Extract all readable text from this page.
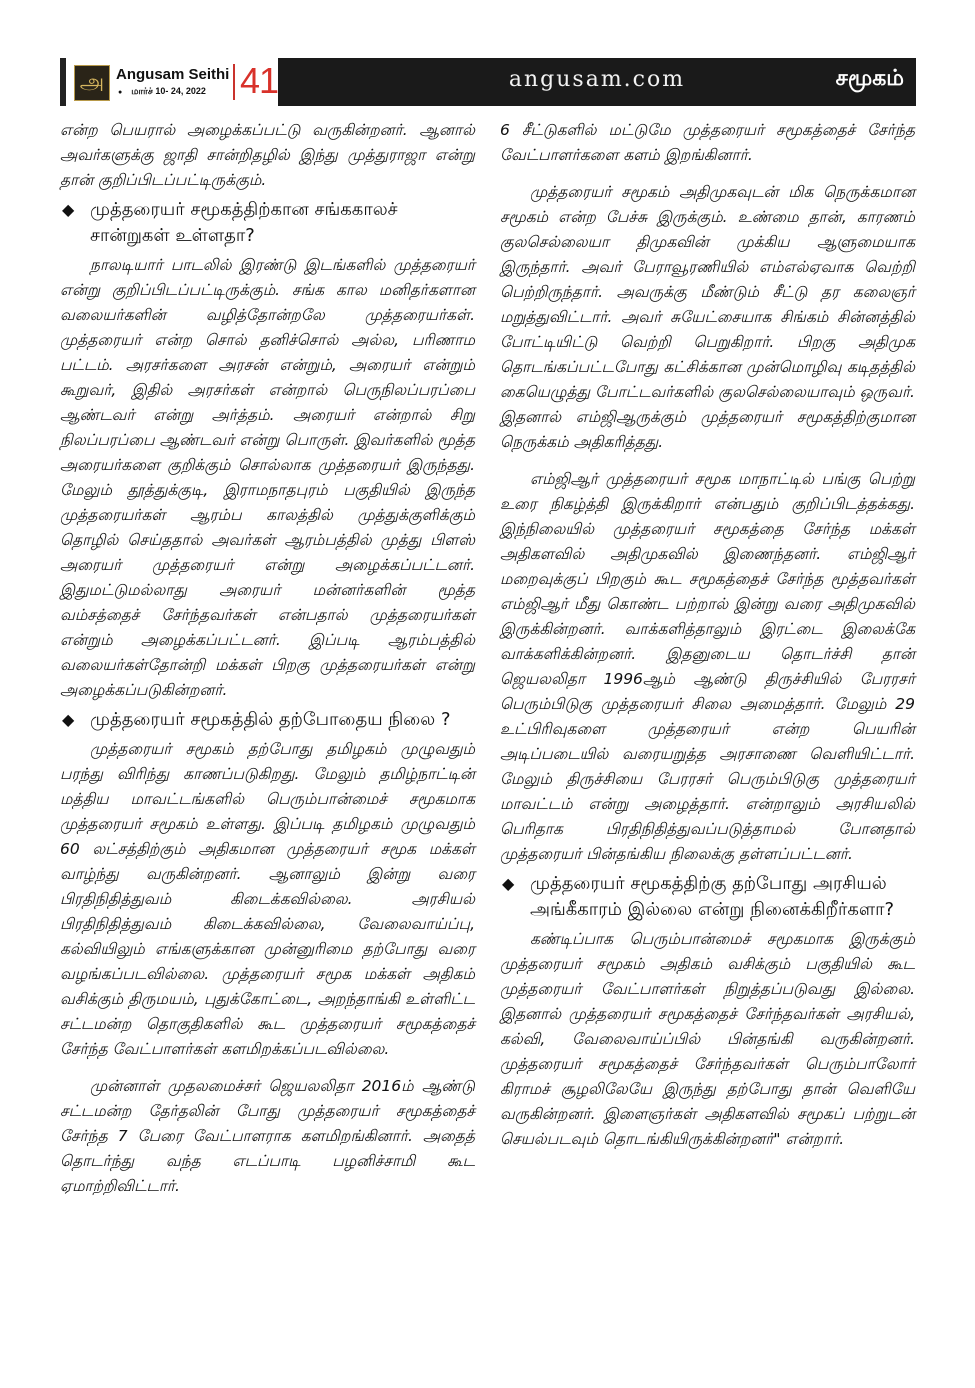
அ Angusam Seithi
● மார்ச் 10- 24, 2022 41	angusam.com	சமூகம்

என்ற பெயரால் அழைக்கப்பட்டு வருகின்றனர். ஆனால் அவர்களுக்கு ஜாதி சான்றிதழில் இந்து முத்துராஜா என்று தான் குறிப்பிடப்பட்டிருக்கும்.

◆ முத்தரையர் சமூகத்திற்கான சங்ககாலச் சான்றுகள் உள்ளதா?

நாலடியார் பாடலில் இரண்டு இடங்களில் முத்தரையர் என்று குறிப்பிடப்பட்டிருக்கும். சங்க கால மனிதர்களான வலையர்களின் வழித்தோன்றலே முத்தரையர்கள். முத்தரையர் என்ற சொல் தனிச்சொல் அல்ல, பரிணாம பட்டம். அரசர்களை அரசன் என்றும், அரையர் என்றும் கூறுவர், இதில் அரசர்கள் என்றால் பெருநிலப்பரப்பை ஆண்டவர் என்று அர்த்தம். அரையர் என்றால் சிறு நிலப்பரப்பை ஆண்டவர் என்று பொருள். இவர்களில் மூத்த அரையர்களை குறிக்கும் சொல்லாக முத்தரையர் இருந்தது. மேலும் தூத்துக்குடி, இராமநாதபுரம் பகுதியில் இருந்த முத்தரையர்கள் ஆரம்ப காலத்தில் முத்துக்குளிக்கும் தொழில் செய்ததால் அவர்கள் ஆரம்பத்தில் முத்து பிளஸ் அரையர் முத்தரையர் என்று அழைக்கப்பட்டனர். இதுமட்டுமல்லாது அரையர் மன்னர்களின் மூத்த வம்சத்தைச் சேர்ந்தவர்கள் என்பதால் முத்தரையர்கள் என்றும் அழைக்கப்பட்டனர். இப்படி ஆரம்பத்தில் வலையர்கள்தோன்றி மக்கள் பிறகு முத்தரையர்கள் என்று அழைக்கப்படுகின்றனர்.

◆ முத்தரையர் சமூகத்தில் தற்போதைய நிலை ?

முத்தரையர் சமூகம் தற்போது தமிழகம் முழுவதும் பரந்து விரிந்து காணப்படுகிறது. மேலும் தமிழ்நாட்டின் மத்திய மாவட்டங்களில் பெரும்பான்மைச் சமூகமாக முத்தரையர் சமூகம் உள்ளது. இப்படி தமிழகம் முழுவதும் 60 லட்சத்திற்கும் அதிகமான முத்தரையர் சமூக மக்கள் வாழ்ந்து வருகின்றனர். ஆனாலும் இன்று வரை பிரதிநிதித்துவம் கிடைக்கவில்லை. அரசியல் பிரதிநிதித்துவம் கிடைக்கவில்லை, வேலைவாய்ப்பு, கல்வியிலும் எங்களுக்கான முன்னுரிமை தற்போது வரை வழங்கப்படவில்லை. முத்தரையர் சமூக மக்கள் அதிகம் வசிக்கும் திருமயம், புதுக்கோட்டை, அறந்தாங்கி உள்ளிட்ட சட்டமன்ற தொகுதிகளில் கூட முத்தரையர் சமூகத்தைச் சேர்ந்த வேட்பாளர்கள் களமிறக்கப்படவில்லை.

முன்னாள் முதலமைச்சர் ஜெயலலிதா 2016ம் ஆண்டு சட்டமன்ற தேர்தலின் போது முத்தரையர் சமூகத்தைச் சேர்ந்த 7 பேரை வேட்பாளராக களமிறங்கினார். அதைத் தொடர்ந்து வந்த எடப்பாடி பழனிச்சாமி கூட ஏமாற்றிவிட்டார்.

6 சீட்டுகளில் மட்டுமே முத்தரையர் சமூகத்தைச் சேர்ந்த வேட்பாளர்களை களம் இறங்கினார்.

முத்தரையர் சமூகம் அதிமுகவுடன் மிக நெருக்கமான சமூகம் என்ற பேச்சு இருக்கும். உண்மை தான், காரணம் குலசெல்லையா திமுகவின் முக்கிய ஆளுமையாக இருந்தார். அவர் பேராவூரணியில் எம்எல்ஏவாக வெற்றி பெற்றிருந்தார். அவருக்கு மீண்டும் சீட்டு தர கலைஞர் மறுத்துவிட்டார். அவர் சுயேட்சையாக சிங்கம் சின்னத்தில் போட்டியிட்டு வெற்றி பெறுகிறார். பிறகு அதிமுக தொடங்கப்பட்டபோது கட்சிக்கான முன்மொழிவு கடிதத்தில் கையெழுத்து போட்டவர்களில் குலசெல்லையாவும் ஒருவர். இதனால் எம்ஜிஆருக்கும் முத்தரையர் சமூகத்திற்குமான நெருக்கம் அதிகரித்தது.

எம்ஜிஆர் முத்தரையர் சமூக மாநாட்டில் பங்கு பெற்று உரை நிகழ்த்தி இருக்கிறார் என்பதும் குறிப்பிடத்தக்கது. இந்நிலையில் முத்தரையர் சமூகத்தை சேர்ந்த மக்கள் அதிகளவில் அதிமுகவில் இணைந்தனர். எம்ஜிஆர் மறைவுக்குப் பிறகும் கூட சமூகத்தைச் சேர்ந்த மூத்தவர்கள் எம்ஜிஆர் மீது கொண்ட பற்றால் இன்று வரை அதிமுகவில் இருக்கின்றனர். வாக்களித்தாலும் இரட்டை இலைக்கே வாக்களிக்கின்றனர். இதனுடைய தொடர்ச்சி தான் ஜெயலலிதா 1996ஆம் ஆண்டு திருச்சியில் பேரரசர் பெரும்பிடுகு முத்தரையர் சிலை அமைத்தார். மேலும் 29 உட்பிரிவுகளை முத்தரையர் என்ற பெயரின் அடிப்படையில் வரையறுத்த அரசாணை வெளியிட்டார். மேலும் திருச்சியை பேரரசர் பெரும்பிடுகு முத்தரையர் மாவட்டம் என்று அழைத்தார். என்றாலும் அரசியலில் பெரிதாக பிரதிநிதித்துவப்படுத்தாமல் போனதால் முத்தரையர் பின்தங்கிய நிலைக்கு தள்ளப்பட்டனர்.

◆ முத்தரையர் சமூகத்திற்கு தற்போது அரசியல் அங்கீகாரம் இல்லை என்று நினைக்கிறீர்களா?

கண்டிப்பாக பெரும்பான்மைச் சமூகமாக இருக்கும் முத்தரையர் சமூகம் அதிகம் வசிக்கும் பகுதியில் கூட முத்தரையர் வேட்பாளர்கள் நிறுத்தப்படுவது இல்லை. இதனால் முத்தரையர் சமூகத்தைச் சேர்ந்தவர்கள் அரசியல், கல்வி, வேலைவாய்ப்பில் பின்தங்கி வருகின்றனர். முத்தரையர் சமூகத்தைச் சேர்ந்தவர்கள் பெரும்பாலோர் கிராமச் சூழலிலேயே இருந்து தற்போது தான் வெளியே வருகின்றனர். இளைஞர்கள் அதிகளவில் சமூகப் பற்றுடன் செயல்படவும் தொடங்கியிருக்கின்றனர்" என்றார்.
